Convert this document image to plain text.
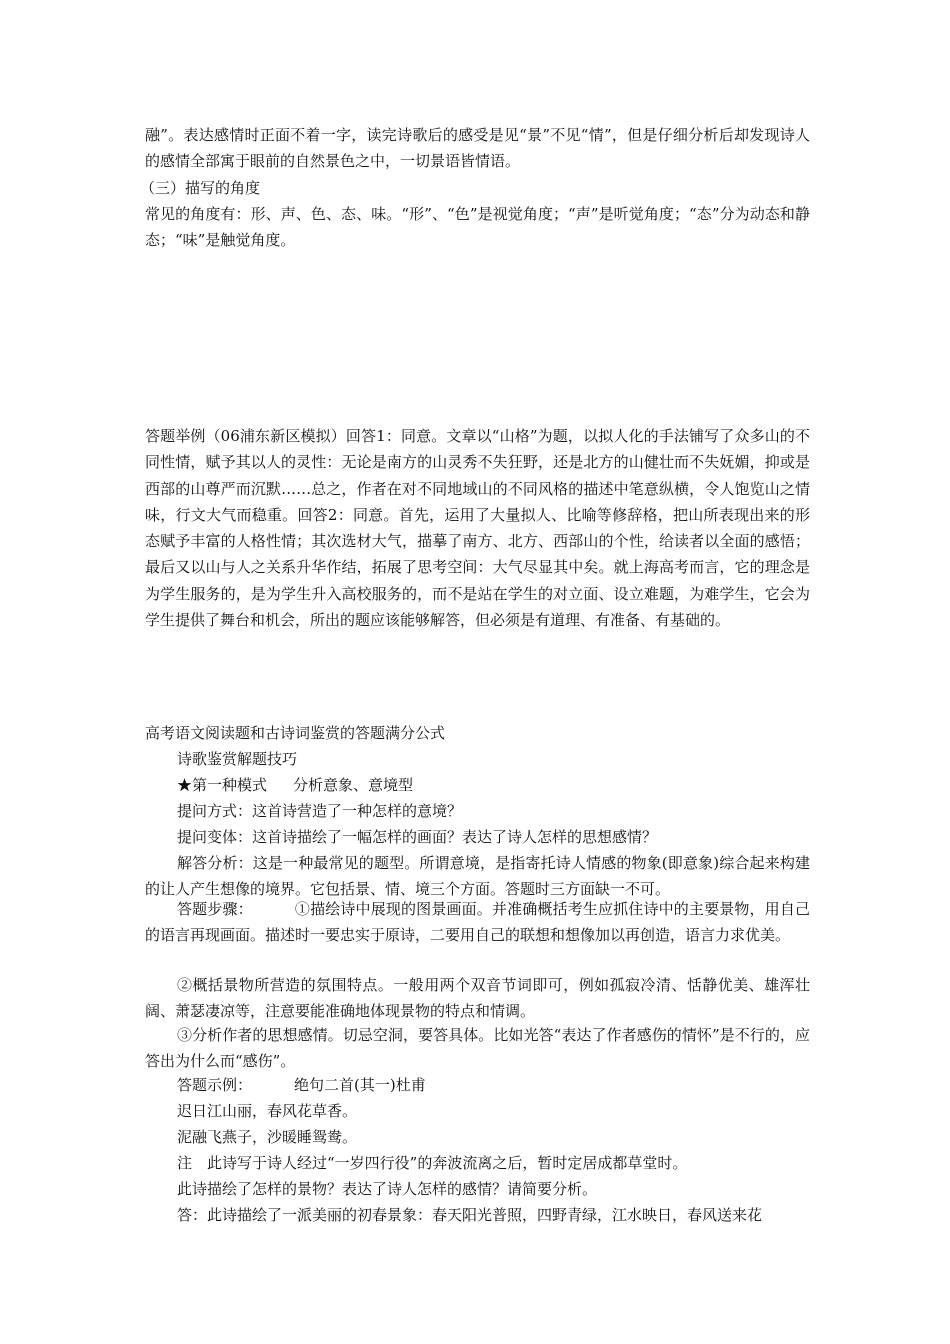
融”。表达感情时正面不着一字，读完诗歌后的感受是见“景”不见“情”，但是仔细分析后却发现诗人的感情全部寓于眼前的自然景色之中，一切景语皆情语。

（三）描写的角度

常见的角度有：形、声、色、态、味。“形”、“色”是视觉角度；“声”是听觉角度；“态”分为动态和静态；“味”是触觉角度。

答题举例（06浦东新区模拟）回答1：同意。文章以“山格”为题，以拟人化的手法铺写了众多山的不同性情，赋予其以人的灵性：无论是南方的山灵秀不失狂野，还是北方的山健壮而不失妩媚，抑或是西部的山尊严而沉默……总之，作者在对不同地域山的不同风格的描述中笔意纵横，令人饱览山之情味，行文大气而稳重。回答2：同意。首先，运用了大量拟人、比喻等修辞格，把山所表现出来的形态赋予丰富的人格性情；其次选材大气，描摹了南方、北方、西部山的个性，给读者以全面的感悟；最后又以山与人之关系升华作结，拓展了思考空间：大气尽显其中矣。就上海高考而言，它的理念是为学生服务的，是为学生升入高校服务的，而不是站在学生的对立面、设立难题，为难学生，它会为学生提供了舞台和机会，所出的题应该能够解答，但必须是有道理、有准备、有基础的。

高考语文阅读题和古诗词鉴赏的答题满分公式

诗歌鉴赏解题技巧

★第一种模式 分析意象、意境型

提问方式：这首诗营造了一种怎样的意境？

提问变体：这首诗描绘了一幅怎样的画面？表达了诗人怎样的思想感情？

解答分析：这是一种最常见的题型。所谓意境，是指寄托诗人情感的物象(即意象)综合起来构建的让人产生想像的境界。它包括景、情、境三个方面。答题时三方面缺一不可。

答题步骤：	①描绘诗中展现的图景画面。并准确概括考生应抓住诗中的主要景物，用自己的语言再现画面。描述时一要忠实于原诗，二要用自己的联想和想像加以再创造，语言力求优美。

②概括景物所营造的氛围特点。一般用两个双音节词即可，例如孤寂冷清、恬静优美、雄浑壮阔、萧瑟凄凉等，注意要能准确地体现景物的特点和情调。

③分析作者的思想感情。切忌空洞，要答具体。比如光答“表达了作者感伤的情怀”是不行的，应答出为什么而“感伤”。

答题示例：	绝句二首(其一)杜甫

迟日江山丽，春风花草香。

泥融飞燕子，沙暖睡鸳鸯。

注　此诗写于诗人经过“一岁四行役”的奔波流离之后，暂时定居成都草堂时。

此诗描绘了怎样的景物？表达了诗人怎样的感情？请简要分析。

答：此诗描绘了一派美丽的初春景象：春天阳光普照，四野青绿，江水映日，春风送来花
